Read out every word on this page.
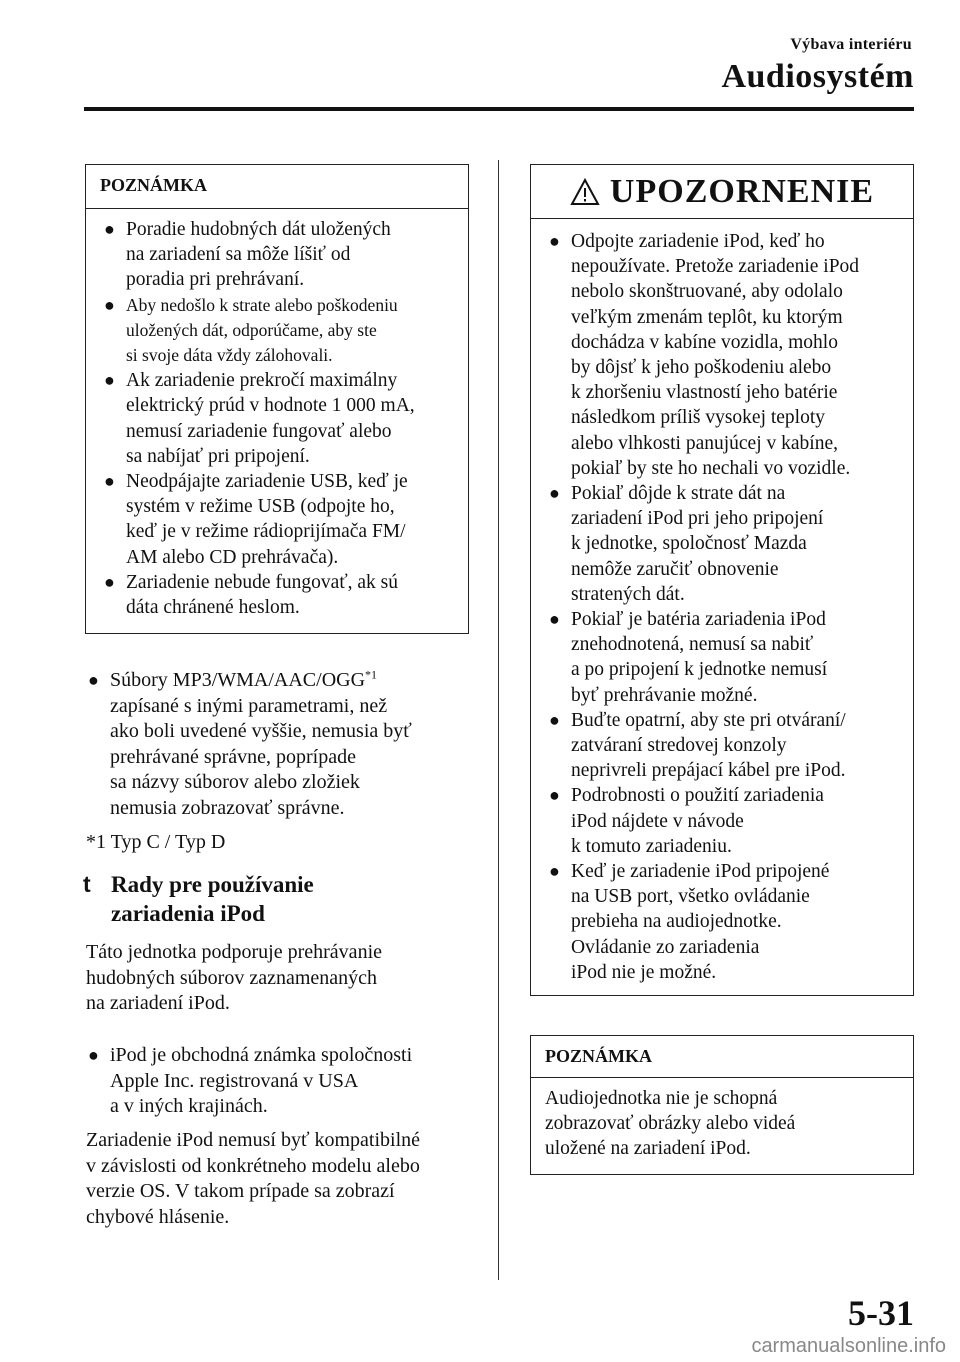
Výbava interiéru
Audiosystém
POZNÁMKA
● Poradie hudobných dát uložených
na zariadení sa môže líšiť od
poradia pri prehrávaní.
● Aby nedošlo k strate alebo poškodeniu
uložených dát, odporúčame, aby ste
si svoje dáta vždy zálohovali.
● Ak zariadenie prekročí maximálny
elektrický prúd v hodnote 1 000 mA,
nemusí zariadenie fungovať alebo
sa nabíjať pri pripojení.
● Neodpájajte zariadenie USB, keď je
systém v režime USB (odpojte ho,
keď je v režime rádioprijímača FM/
AM alebo CD prehrávača).
● Zariadenie nebude fungovať, ak sú
dáta chránené heslom.
● Súbory MP3/WMA/AAC/OGG$^{*1}$
zapísané s inými parametrami, než
ako boli uvedené vyššie, nemusia byť
prehrávané správne, poprípade
sa názvy súborov alebo zložiek
nemusia zobrazovať správne.
*1 Typ C / Typ D
t Rady pre používanie
zariadenia iPod
Táto jednotka podporuje prehrávanie
hudobných súborov zaznamenaných
na zariadení iPod.
● iPod je obchodná známka spoločnosti
Apple Inc. registrovaná v USA
a v iných krajinách.
Zariadenie iPod nemusí byť kompatibilné
v závislosti od konkrétneho modelu alebo
verzie OS. V takom prípade sa zobrazí
chybové hlásenie.
UPOZORNENIE
● Odpojte zariadenie iPod, keď ho
nepoužívate. Pretože zariadenie iPod
nebolo skonštruované, aby odolalo
veľkým zmenám teplôt, ku ktorým
dochádza v kabíne vozidla, mohlo
by dôjsť k jeho poškodeniu alebo
k zhoršeniu vlastností jeho batérie
následkom príliš vysokej teploty
alebo vlhkosti panujúcej v kabíne,
pokiaľ by ste ho nechali vo vozidle.
● Pokiaľ dôjde k strate dát na
zariadení iPod pri jeho pripojení
k jednotke, spoločnosť Mazda
nemôže zaručiť obnovenie
stratených dát.
● Pokiaľ je batéria zariadenia iPod
znehodnotená, nemusí sa nabiť
a po pripojení k jednotke nemusí
byť prehrávanie možné.
● Buďte opatrní, aby ste pri otváraní/
zatváraní stredovej konzoly
neprivreli prepájací kábel pre iPod.
● Podrobnosti o použití zariadenia
iPod nájdete v návode
k tomuto zariadeniu.
● Keď je zariadenie iPod pripojené
na USB port, všetko ovládanie
prebieha na audiojednotke.
Ovládanie zo zariadenia
iPod nie je možné.
POZNÁMKA
Audiojednotka nie je schopná
zobrazovať obrázky alebo videá
uložené na zariadení iPod.
5-31
carmanualsonline.info
